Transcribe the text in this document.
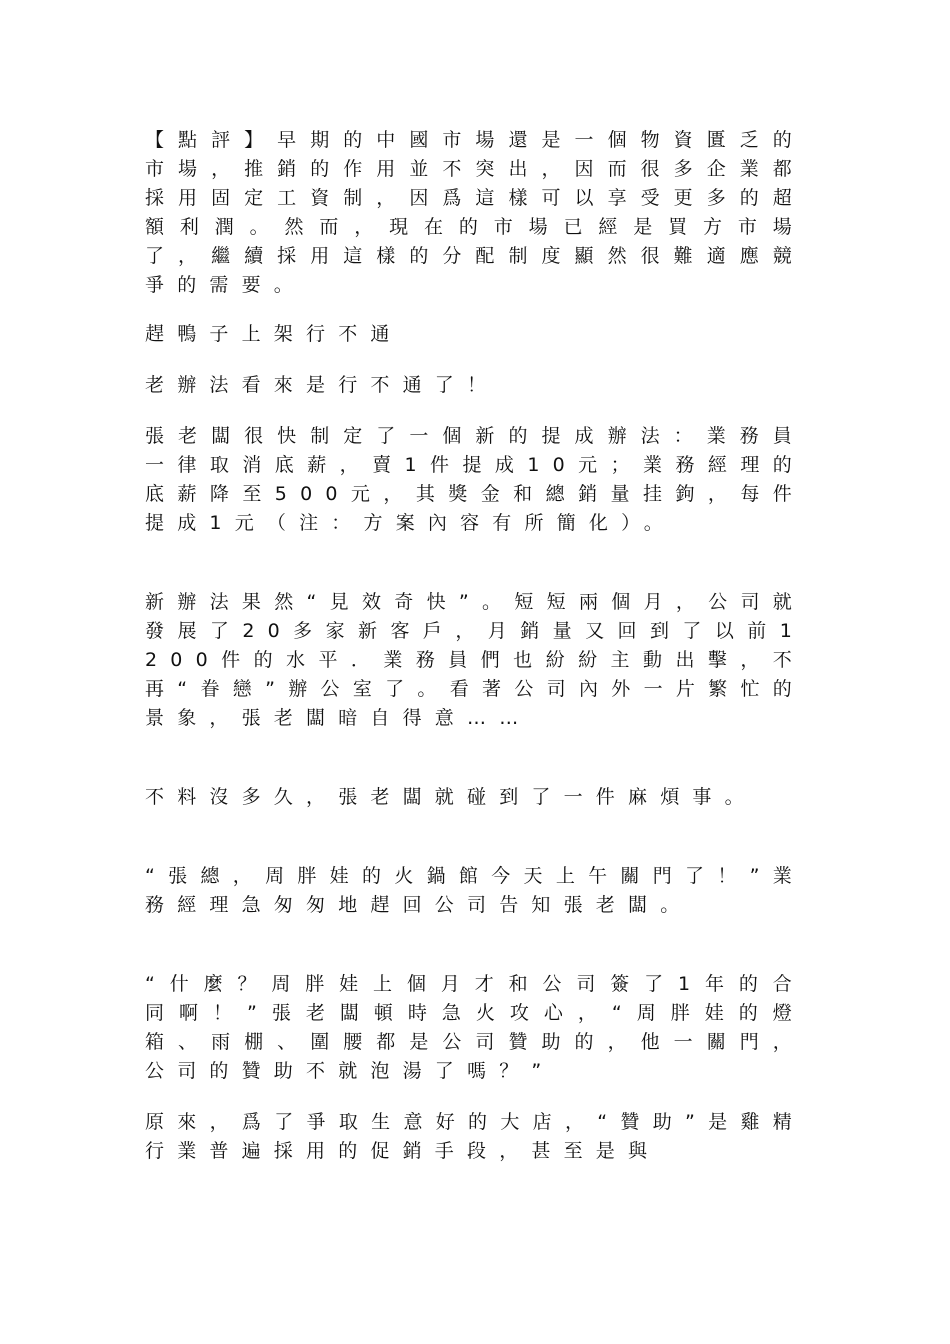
【點評】早期的中國市場還是一個物資匱乏的市場，推銷的作用並不突出，因而很多企業都採用固定工資制，因爲這樣可以享受更多的超額利潤。然而，現在的市場已經是買方市場了，繼續採用這樣的分配制度顯然很難適應競爭的需要。

趕鴨子上架行不通

老辦法看來是行不通了！

張老闆很快制定了一個新的提成辦法：業務員一律取消底薪，賣1件提成10元；業務經理的底薪降至500元，其獎金和總銷量挂鉤，每件提成1元（注：方案內容有所簡化）。

新辦法果然“見效奇快”。短短兩個月，公司就發展了20多家新客戶，月銷量又回到了以前1200件的水平．業務員們也紛紛主動出擊，不再“眷戀”辦公室了。看著公司內外一片繁忙的景象，張老闆暗自得意……

不料沒多久，張老闆就碰到了一件麻煩事。

“張總，周胖娃的火鍋館今天上午關門了！”業務經理急匆匆地趕回公司告知張老闆。

“什麼？周胖娃上個月才和公司簽了1年的合同啊！”張老闆頓時急火攻心，“周胖娃的燈箱、雨棚、圍腰都是公司贊助的，他一關門，公司的贊助不就泡湯了嗎？”

原來，爲了爭取生意好的大店，“贊助”是雞精行業普遍採用的促銷手段，甚至是與
